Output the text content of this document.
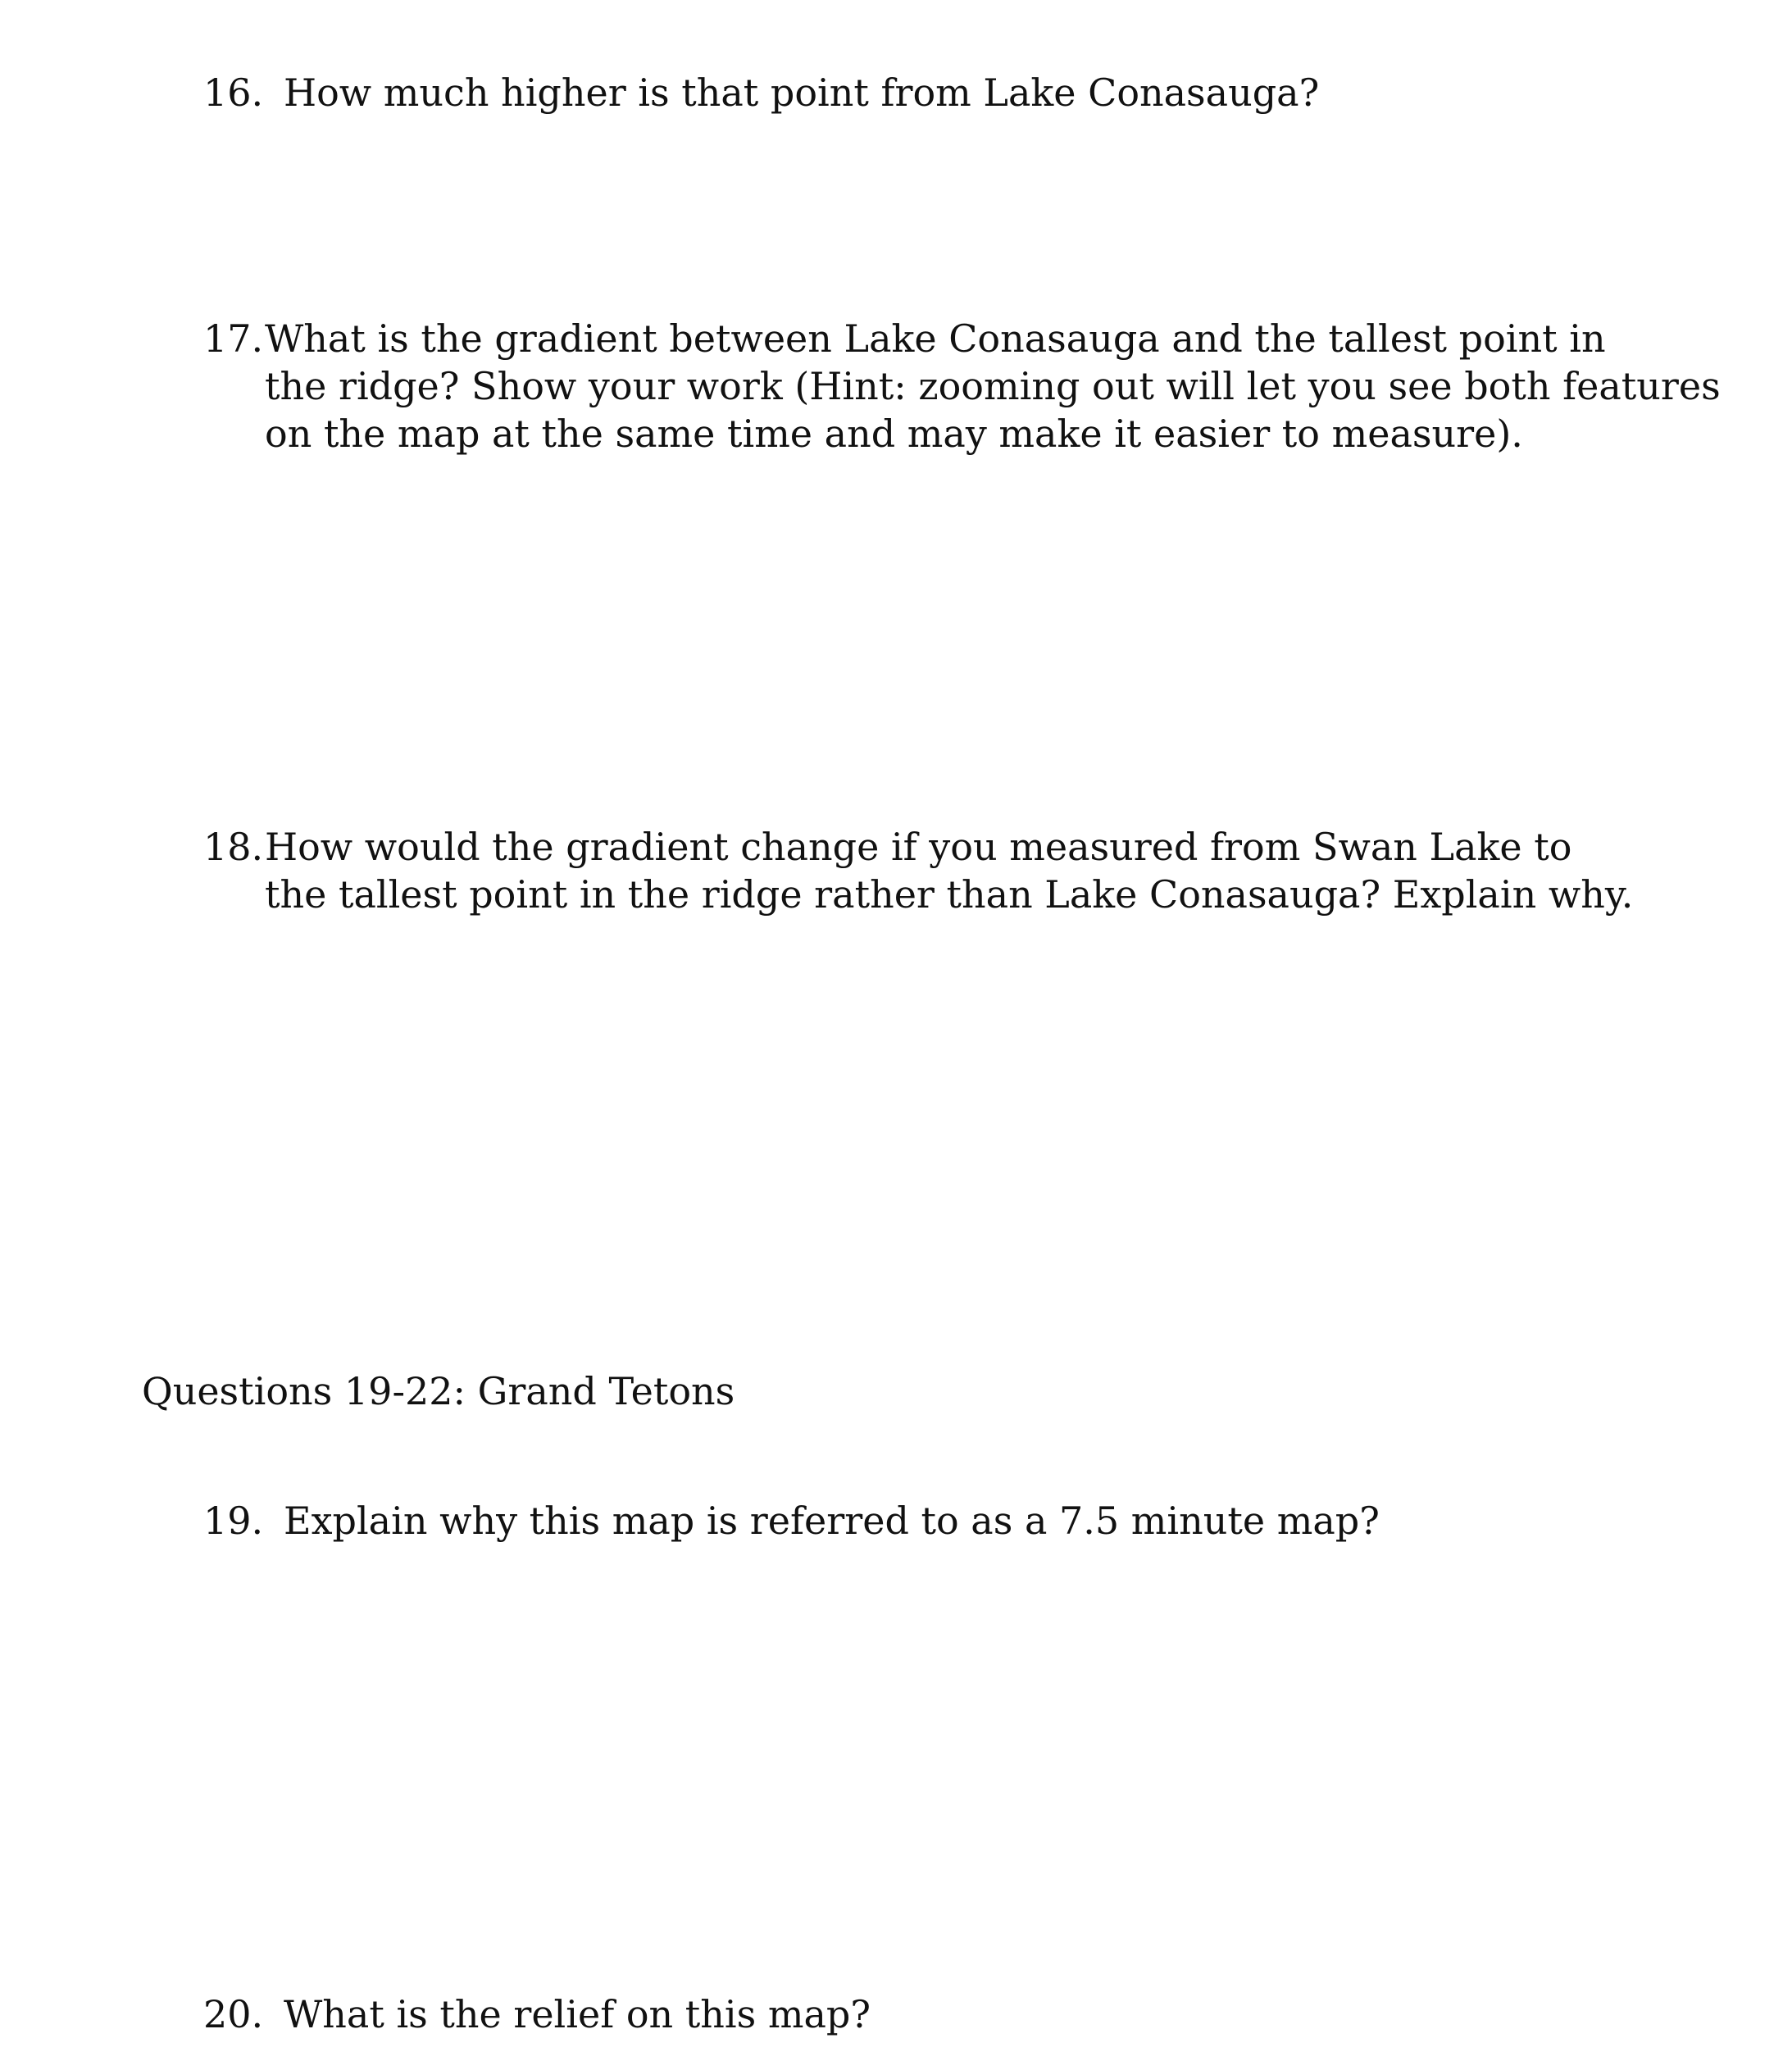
16. How much higher is that point from Lake Conasauga?
17. What is the gradient between Lake Conasauga and the tallest point in
the ridge? Show your work (Hint: zooming out will let you see both features
on the map at the same time and may make it easier to measure).
18. How would the gradient change if you measured from Swan Lake to
the tallest point in the ridge rather than Lake Conasauga? Explain why.
Questions 19-22: Grand Tetons
19. Explain why this map is referred to as a 7.5 minute map?
20. What is the relief on this map?
